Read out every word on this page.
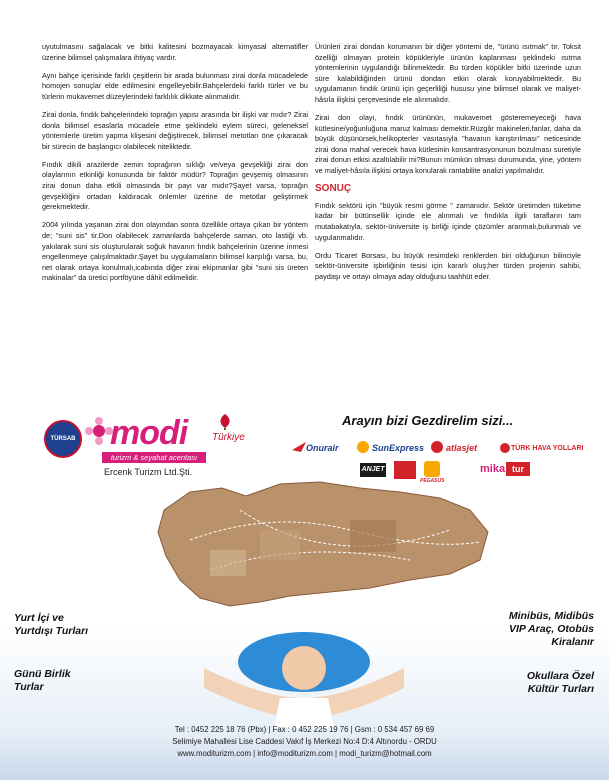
uyutulmasını sağalacak ve bitki kalitesini bozmayacak kimyasal alternatifler üzerine bilimsel çalışmalara ihtiyaç vardır.

Aynı bahçe içerisinde farklı çeşitlerin bir arada bulunması zirai donla mücadelede homojen sonuçlar elde edilmesini engelleyebilir.Bahçelerdeki farklı türler ve bu türlerin mukavemet düzeylerindeki farklılık dikkate alınmalıdır.

Zirai donla, fındık bahçelerindeki toprağın yapısı arasında bir ilişki var mıdır? Zirai donla bilimsel esaslarla mücadele etme şeklindeki eylem süreci, geleneksel yöntemlerle üretim yapma klişesini değiştirecek, bilimsel metotları öne çıkaracak bir sürecin de başlangıcı olabilecek niteliktedir.

Fındık dikili arazilerde zemin toprağının sıklığı ve/veya gevşekliği zirai don olaylarının etkinliği konusunda bir faktör müdür? Toprağın gevşemiş olmasının zirai donun daha etkili olmasında bir payı var mıdır?Şayet varsa, toprağın gevşekliğini ortadan kaldıracak önlemler üzerine de metotlar geliştirmek gerekmektedir.

2004 yılında yaşanan zirai don olayından sonra özellikle ortaya çıkan bir yöntem de; "suni sis" tir.Don olabilecek zamanlarda bahçelerde saman, oto lastiği vb. yakılarak suni sis oluşturularak soğuk havanın fındık bahçelerinin üzerine inmesi engellenmeye çalışılmaktadır.Şayet bu uygulamaların bilimsel karşılığı varsa, bu, net olarak ortaya konulmalı,icabında diğer zirai ekipmanlar gibi "suni sis üreten makinalar" da üretici portföyüne dâhil edilmelidir.

Ürünleri zirai dondan korumanın bir diğer yöntemi de, "ürünü ısıtmak" tır. Toksit özelliği olmayan protein köpükleriyle ürünün kaplanması şeklindeki ısıtma yöntemlerinin uygulandığı bilinmektedir. Bu türden köpükler bitki üzerinde uzun süre kalabildiğinden ürünü dondan etkin olarak koruyabilmektedir. Bu uygulamanın fındık ürünü için geçerliliği hususu yine bilimsel olarak ve maliyet- hâsıla ilişkisi çerçevesinde ele alınmalıdır.

Zirai don olayı, fındık ürününün, mukavemet gösteremeyeceği hava kütlesine/yoğunluğuna maruz kalması demektir.Rüzgâr makineleri,fanlar, daha da büyük düşünürsek,helikopterler vasıtasıyla "havanın karıştırılması" neticesinde zirai dona mahal verecek hava kütlesinin konsantrasyonunun bozulması suretiyle zirai donun etkisi azaltılabilir mi?Bunun mümkün olması durumunda, yine, yöntem ve maliyet-hâsıla ilişkisi ortaya konularak rantabilite analizi yapılmalıdır.

SONUÇ

Fındık sektörü için "büyük resmi görme " zamanıdır. Sektör üretimden tüketime kadar bir bütünsellik içinde ele alınmalı ve fındıkla ilgili tarafların tam mutabakatıyla, sektör-üniversite iş birliği içinde çözümler aranmalı,bulunmalı ve uygulanmalıdır.

Ordu Ticaret Borsası, bu büyük resimdeki renklerden biri olduğunun bilinciyle sektör-üniversite işbirliğinin tesisi için kararlı oluş;her türden projenin sahibi, paydaşı ve ortayı olmaya aday olduğunu taahhüt eder.

TÜRSAB modi Türkiye
turizm & seyahat acentası
Ercenk Turizm Ltd.Şti.
Arayın bizi Gezdirelim sizi...
Onurair	SunExpress atlasjet	TÜRK HAVA YOLLARI
ANJET
PEGASUS
mika tur
Yurt İçi ve
Yurtdışı Turları
Günü Birlik
Turlar
Minibüs, Midibüs
VIP Araç, Otobüs
Kiralanır
Okullara Özel
Kültür Turları
Tel : 0452 225 18 76 (Pbx) | Fax : 0 452 225 19 76 | Gsm : 0 534 457 69 69
Selimiye Mahallesi Lise Caddesi Vakıf İş Merkezi No:4 D:4 Altınordu - ORDU
www.moditurizm.com | info@moditurizm.com | modi_turizm@hotmail.com
